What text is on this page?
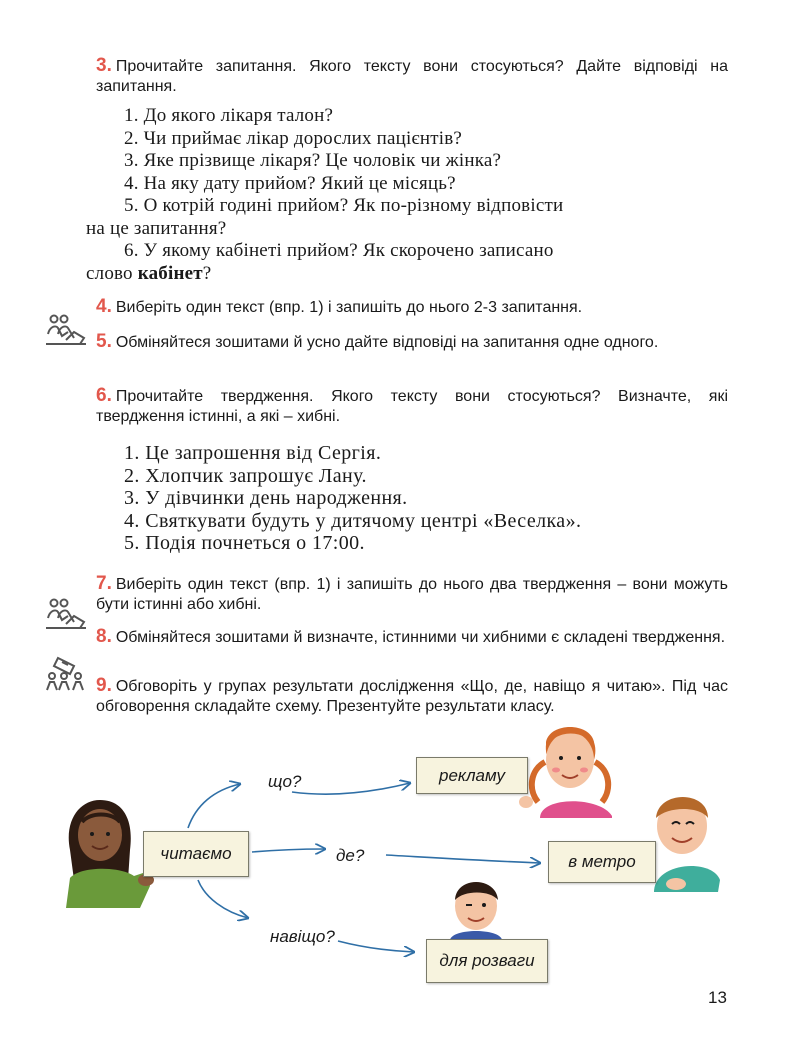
3. Прочитайте запитання. Якого тексту вони стосуються? Дайте відповіді на запитання.
1. До якого лікаря талон?
2. Чи приймає лікар дорослих пацієнтів?
3. Яке прізвище лікаря? Це чоловік чи жінка?
4. На яку дату прийом? Який це місяць?
5. О котрій годині прийом? Як по-різному відповісти
на це запитання?
6. У якому кабінеті прийом? Як скорочено записано
слово кабінет?
4. Виберіть один текст (впр. 1) і запишіть до нього 2-3 запитання.
5. Обміняйтеся зошитами й усно дайте відповіді на запитання одне одного.
6. Прочитайте твердження. Якого тексту вони стосуються? Визначте, які твердження істинні, а які – хибні.
1. Це запрошення від Сергія.
2. Хлопчик запрошує Лану.
3. У дівчинки день народження.
4. Святкувати будуть у дитячому центрі «Веселка».
5. Подія почнеться о 17:00.
7. Виберіть один текст (впр. 1) і запишіть до нього два твердження – вони можуть бути істинні або хибні.
8. Обміняйтеся зошитами й визначте, істинними чи хибними є складені твердження.
9. Обговоріть у групах результати дослідження «Що, де, навіщо я читаю». Під час обговорення складайте схему. Презентуйте результати класу.
читаємо
рекламу
в метро
для розваги
що?
де?
навіщо?
13
